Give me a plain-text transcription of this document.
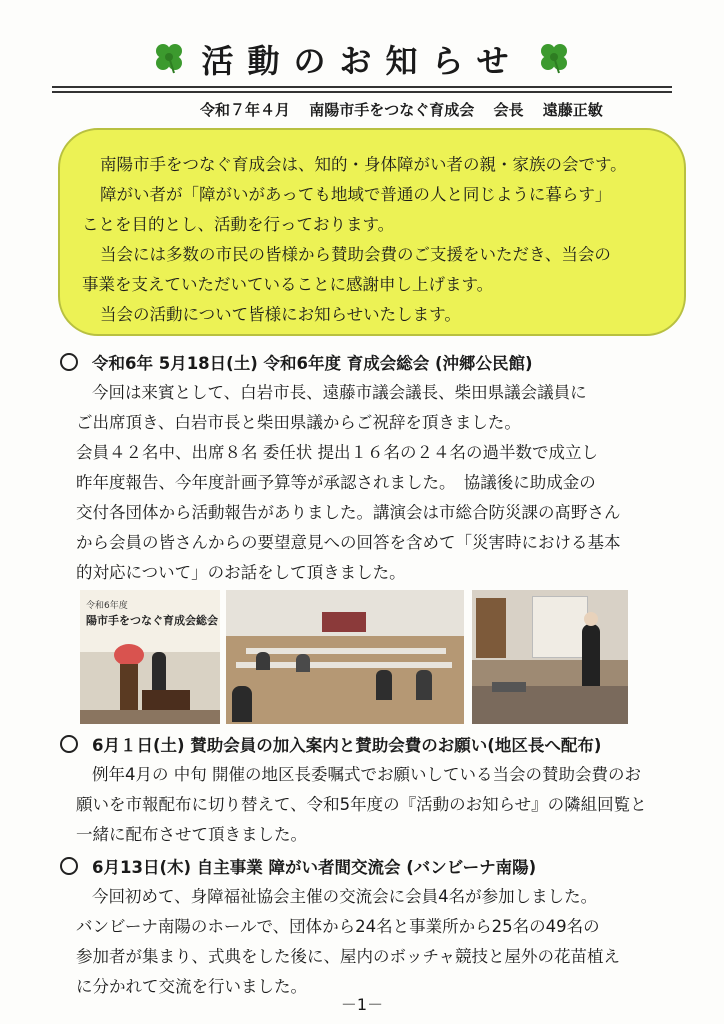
活動のお知らせ
令和７年４月 南陽市手をつなぐ育成会 会長 遠藤正敏

南陽市手をつなぐ育成会は、知的・身体障がい者の親・家族の会です。

障がい者が「障がいがあっても地域で普通の人と同じように暮らす」

ことを目的とし、活動を行っております。

当会には多数の市民の皆様から賛助会費のご支援をいただき、当会の

事業を支えていただいていることに感謝申し上げます。

当会の活動について皆様にお知らせいたします。

令和6年 5月18日(土) 令和6年度 育成会総会 (沖郷公民館)

今回は来賓として、白岩市長、遠藤市議会議長、柴田県議会議員に

ご出席頂き、白岩市長と柴田県議からご祝辞を頂きました。

会員４２名中、出席８名 委任状 提出１６名の２４名の過半数で成立し

昨年度報告、今年度計画予算等が承認されました。　協議後に助成金の

交付各団体から活動報告がありました。講演会は市総合防災課の髙野さん

から会員の皆さんからの要望意見への回答を含めて「災害時における基本

的対応について」のお話をして頂きました。

令和6年度
陽市手をつなぐ育成会総会
6月１日(土) 賛助会員の加入案内と賛助会費のお願い(地区長へ配布)

例年4月の 中旬 開催の地区長委嘱式でお願いしている当会の賛助会費のお

願いを市報配布に切り替えて、令和5年度の『活動のお知らせ』の隣組回覧と

一緒に配布させて頂きました。

6月13日(木) 自主事業 障がい者間交流会 (バンビーナ南陽)

今回初めて、身障福祉協会主催の交流会に会員4名が参加しました。

バンビーナ南陽のホールで、団体から24名と事業所から25名の49名の

参加者が集まり、式典をした後に、屋内のボッチャ競技と屋外の花苗植え

に分かれて交流を行いました。

－1－
